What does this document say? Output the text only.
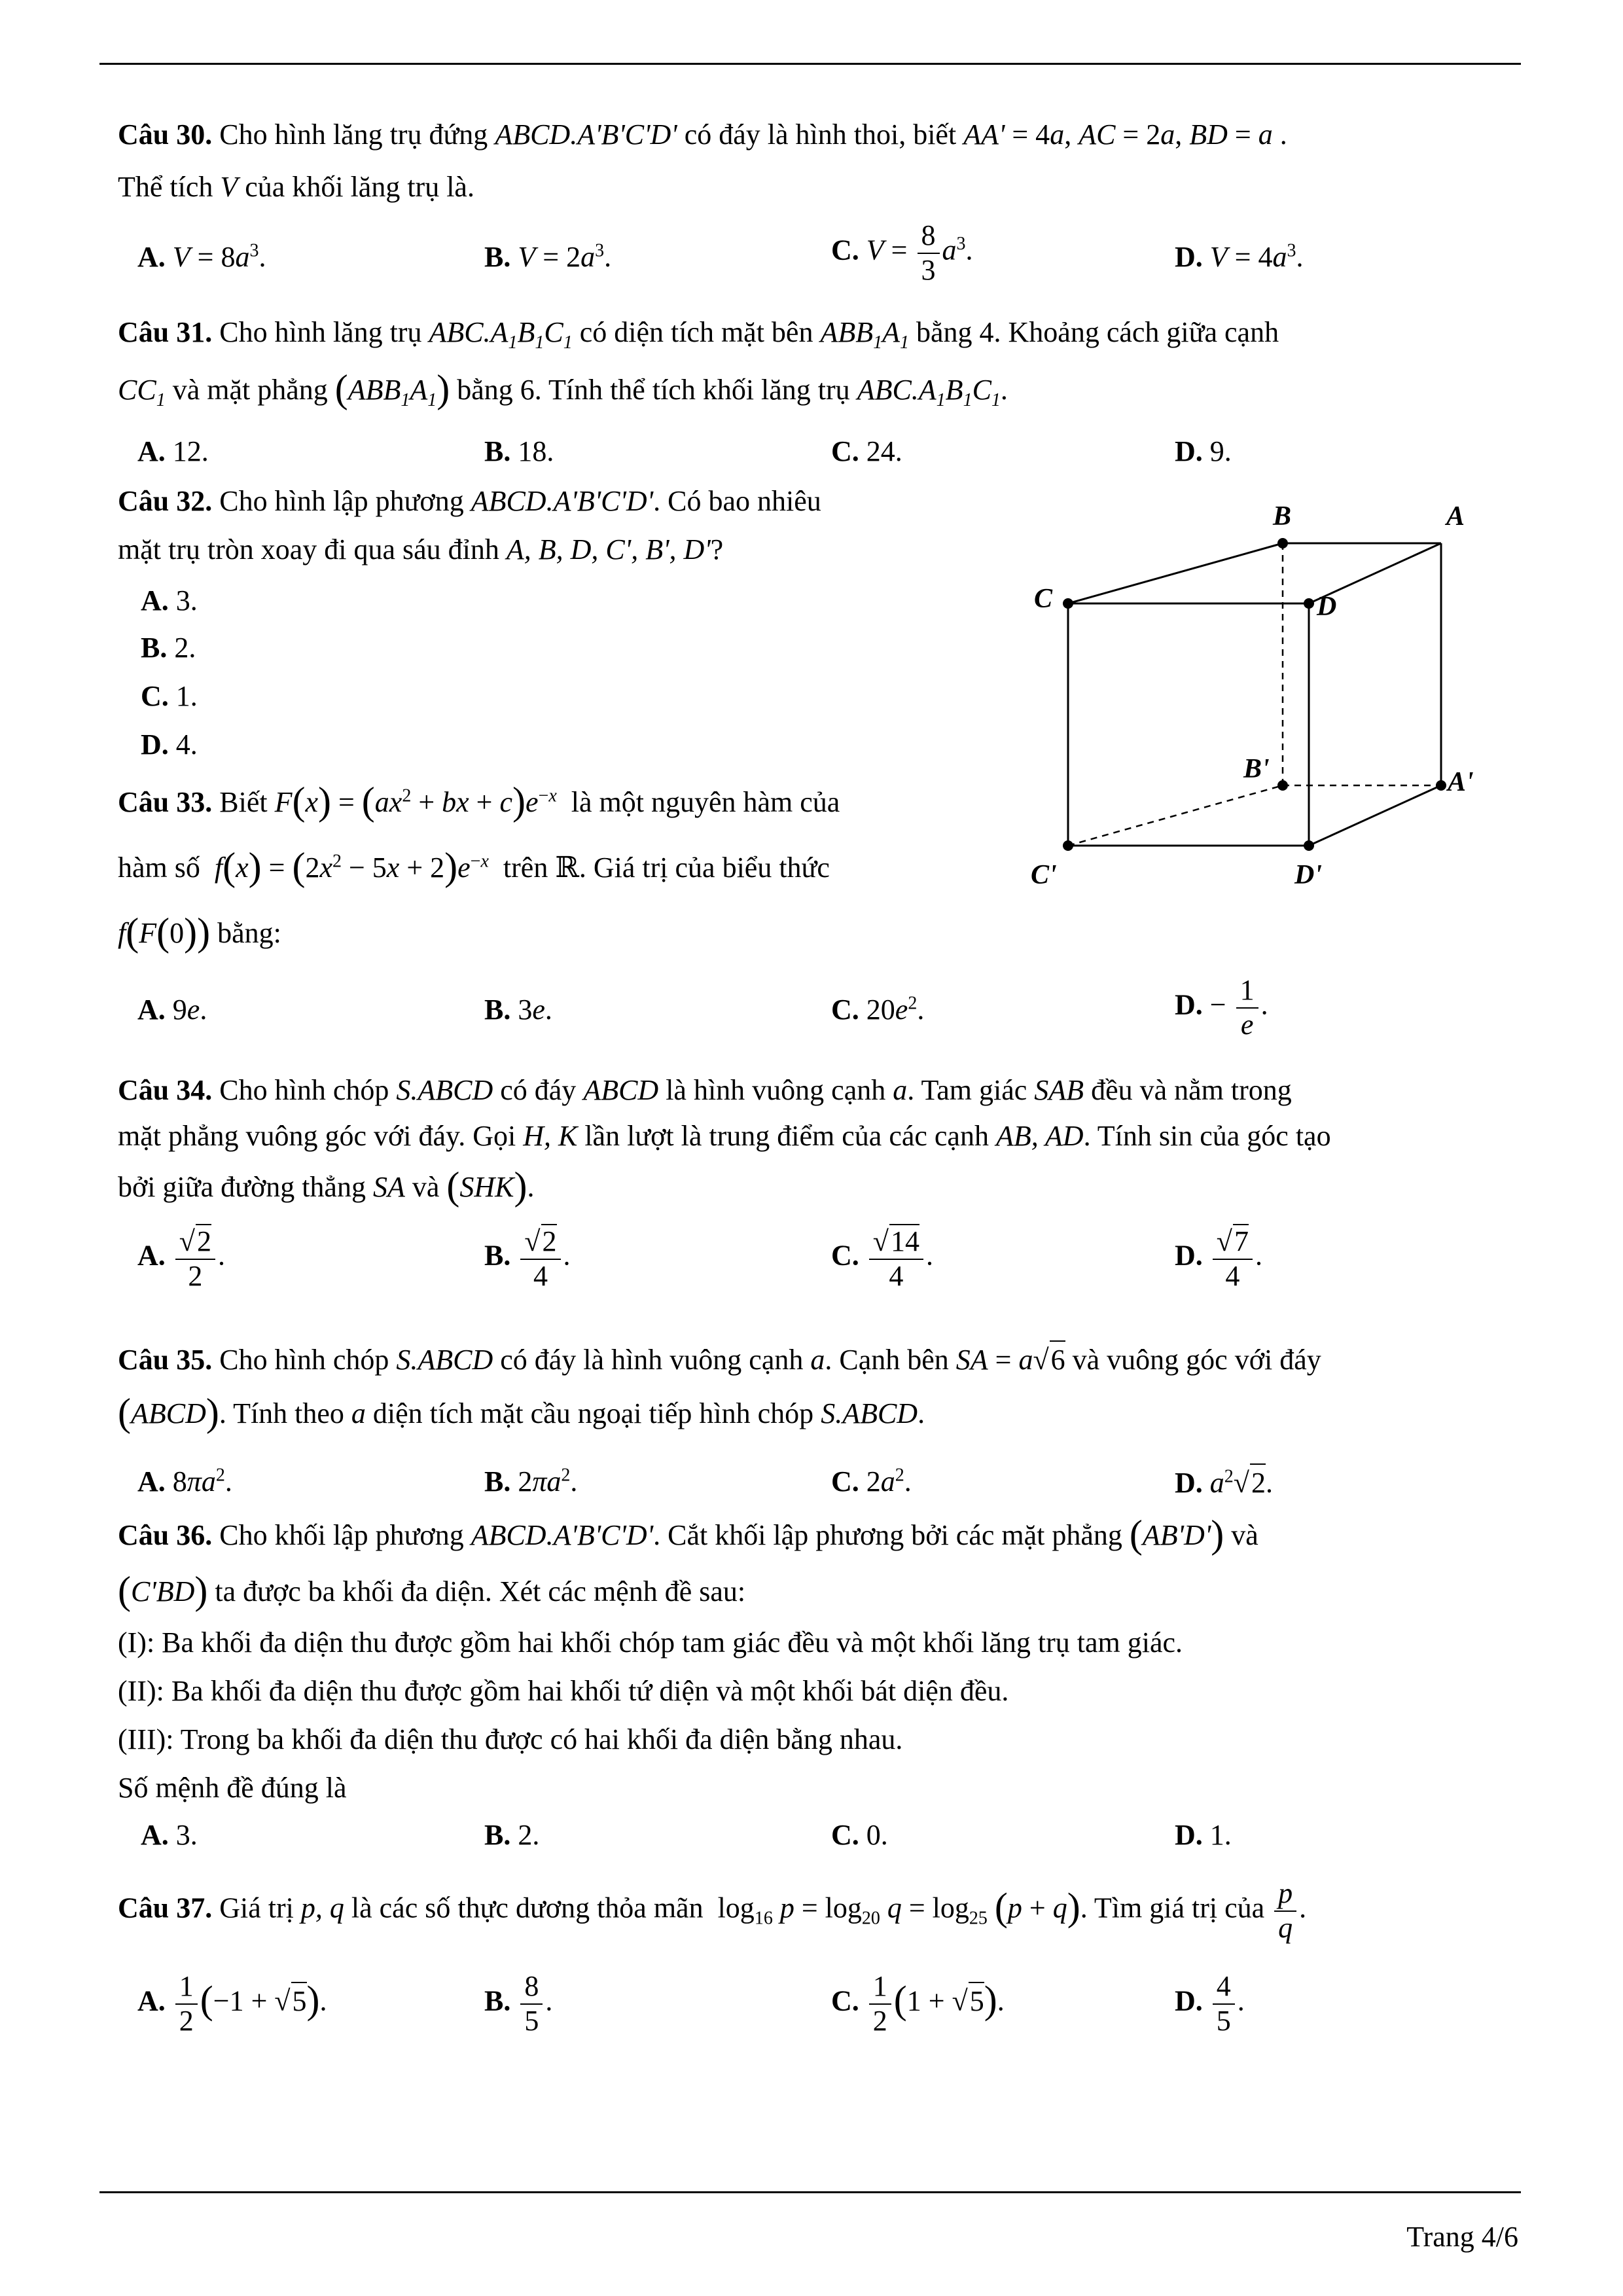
Câu 30. Cho hình lăng trụ đứng ABCD.A'B'C'D' có đáy là hình thoi, biết AA' = 4a, AC = 2a, BD = a .
Thể tích V của khối lăng trụ là.
A. $V = 8a^3$.	B. $V = 2a^3$.	C. $V = \frac{8}{3} a^3$.	D. $V = 4a^3$.
Câu 31. Cho hình lăng trụ $ABC.A_1B_1C_1$ có diện tích mặt bên $ABB_1A_1$ bằng 4. Khoảng cách giữa cạnh
$CC_1$ và mặt phẳng $(ABB_1A_1)$ bằng 6. Tính thể tích khối lăng trụ $ABC.A_1B_1C_1$.
A. 12.	B. 18.	C. 24.	D. 9.
Câu 32. Cho hình lập phương ABCD.A'B'C'D'. Có bao nhiêu
mặt trụ tròn xoay đi qua sáu đỉnh A, B, D, C', B', D'?
A. 3.
B. 2.
C. 1.
D. 4.
B	A
C	D
B'	A'
C'	D'
Câu 33. Biết $F(x) = (ax^2$ + bx + $c)e^{-x}$  là một nguyên hàm của
hàm số  $f(x) = (2x^2 - 5x + 2)e^{-x}$  trên ℝ. Giá trị của biểu thức
f(F(0)) bằng:
A. 9e.	B. 3e.	C. $20e^2$.	D. − $\frac{1}{e}$ .
Câu 34. Cho hình chóp S.ABCD có đáy ABCD là hình vuông cạnh a. Tam giác SAB đều và nằm trong
mặt phẳng vuông góc với đáy. Gọi H, K lần lượt là trung điểm của các cạnh AB, AD. Tính sin của góc tạo
bởi giữa đường thẳng SA và (SHK).
A. $\frac{√2}{2}$ .	B. $\frac{√2}{4}$ .	C. $\frac{√14}{4}$ .	D. $\frac{√7}{4}$ .
Câu 35. Cho hình chóp S.ABCD có đáy là hình vuông cạnh a. Cạnh bên SA = a√6 và vuông góc với đáy
(ABCD). Tính theo a diện tích mặt cầu ngoại tiếp hình chóp S.ABCD.
A. $8\pi a^2$.	B. $2\pi a^2$.	C. $2a^2$.	D. $a^2√2$.
Câu 36. Cho khối lập phương ABCD.A'B'C'D'. Cắt khối lập phương bởi các mặt phẳng (AB'D') và
(C'BD) ta được ba khối đa diện. Xét các mệnh đề sau:
(I): Ba khối đa diện thu được gồm hai khối chóp tam giác đều và một khối lăng trụ tam giác.
(II): Ba khối đa diện thu được gồm hai khối tứ diện và một khối bát diện đều.
(III): Trong ba khối đa diện thu được có hai khối đa diện bằng nhau.
Số mệnh đề đúng là
A. 3.	B. 2.	C. 0.	D. 1.
Câu 37. Giá trị p, q là các số thực dương thỏa mãn  $\log_{16} p = \log_{20} q = \log_{25} (p + q)$. Tìm giá trị của $\frac{p}{q}$ .
A. $\frac{1}{2} (-1 + √5)$.	B. $\frac{8}{5}$ .	C. $\frac{1}{2} (1 + √5)$.	D. $\frac{4}{5}$ .
Trang 4/6
